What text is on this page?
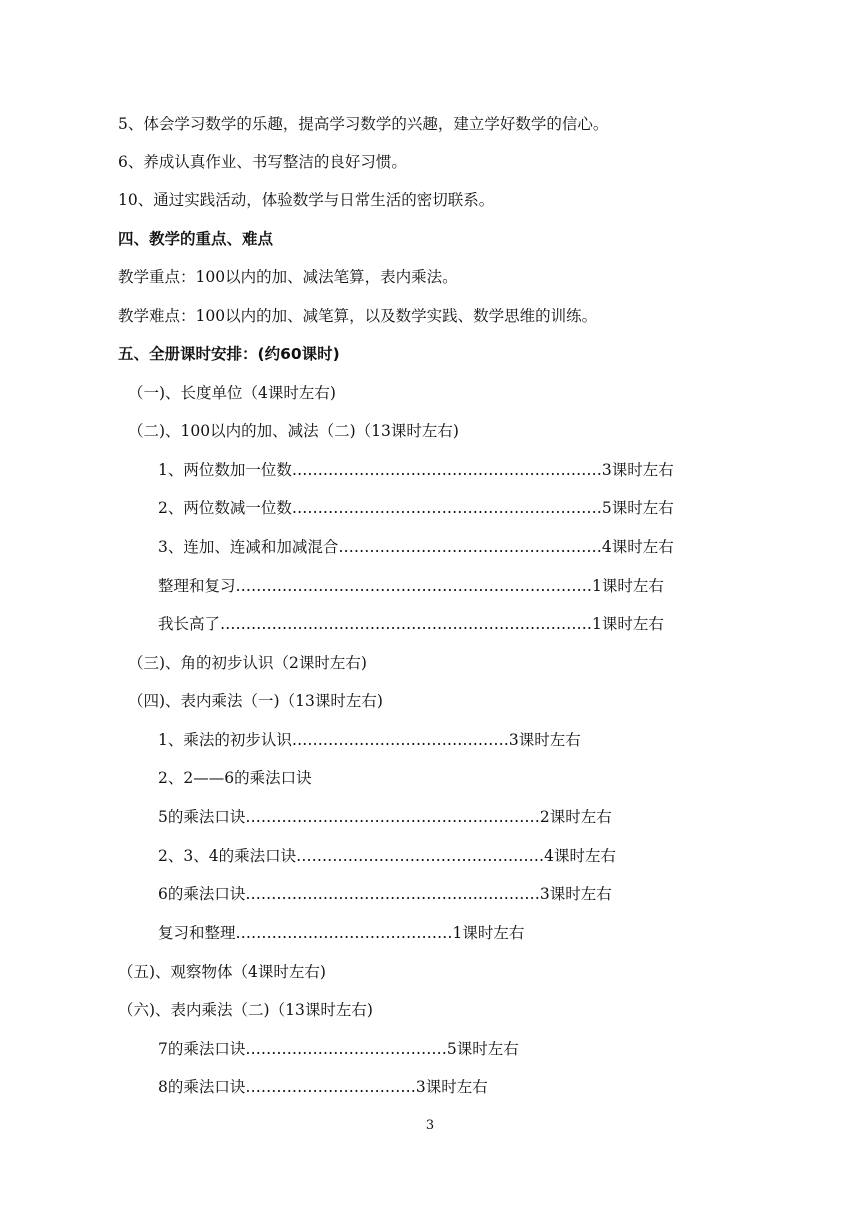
5、体会学习数学的乐趣，提高学习数学的兴趣，建立学好数学的信心。
6、养成认真作业、书写整洁的良好习惯。
10、通过实践活动，体验数学与日常生活的密切联系。
四、教学的重点、难点
教学重点：100以内的加、减法笔算，表内乘法。
教学难点：100以内的加、减笔算，以及数学实践、数学思维的训练。
五、全册课时安排：(约60课时)
（一)、长度单位（4课时左右)
（二)、100以内的加、减法（二)（13课时左右)
1、两位数加一位数……………………………………………………3课时左右
2、两位数减一位数……………………………………………………5课时左右
3、连加、连减和加减混合……………………………………………4课时左右
整理和复习……………………………………………………………1课时左右
我长高了………………………………………………………………1课时左右
（三)、角的初步认识（2课时左右)
（四)、表内乘法（一)（13课时左右)
1、乘法的初步认识……………………………………3课时左右
2、2——6的乘法口诀
5的乘法口诀…………………………………………………2课时左右
2、3、4的乘法口诀…………………………………………4课时左右
6的乘法口诀…………………………………………………3课时左右
复习和整理……………………………………1课时左右
（五)、观察物体（4课时左右)
（六)、表内乘法（二)（13课时左右)
7的乘法口诀…………………………………5课时左右
8的乘法口诀……………………………3课时左右
3
